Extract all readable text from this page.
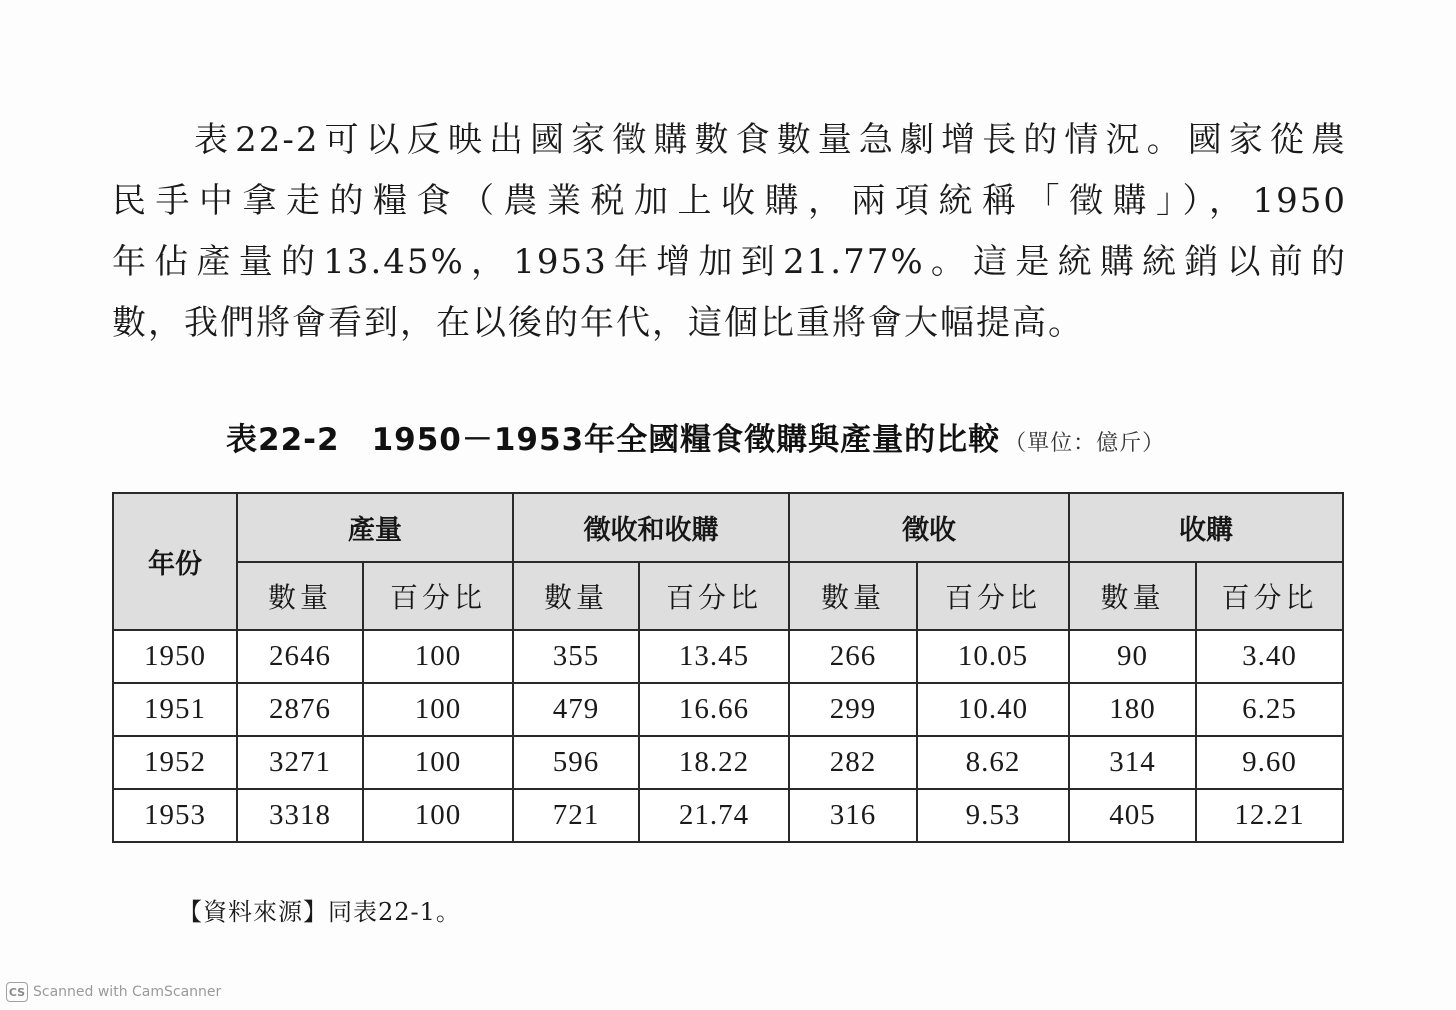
表22-2可以反映出國家徵購數食數量急劇增長的情況。國家從農
民手中拿走的糧食（農業税加上收購，兩項統稱「徵購」），1950
年佔產量的13.45%，1953年增加到21.77%。這是統購統銷以前的
數，我們將會看到，在以後的年代，這個比重將會大幅提高。
表22-2　1950－1953年全國糧食徵購與產量的比較 （單位：億斤）
年份	產量		徵收和收購		徵收		收購	
	數量	百分比	數量	百分比	數量	百分比	數量	百分比
1950	2646	100	355	13.45	266	10.05	90	3.40
1951	2876	100	479	16.66	299	10.40	180	6.25
1952	3271	100	596	18.22	282	8.62	314	9.60
1953	3318	100	721	21.74	316	9.53	405	12.21
【資料來源】同表22-1。
CS Scanned with CamScanner
